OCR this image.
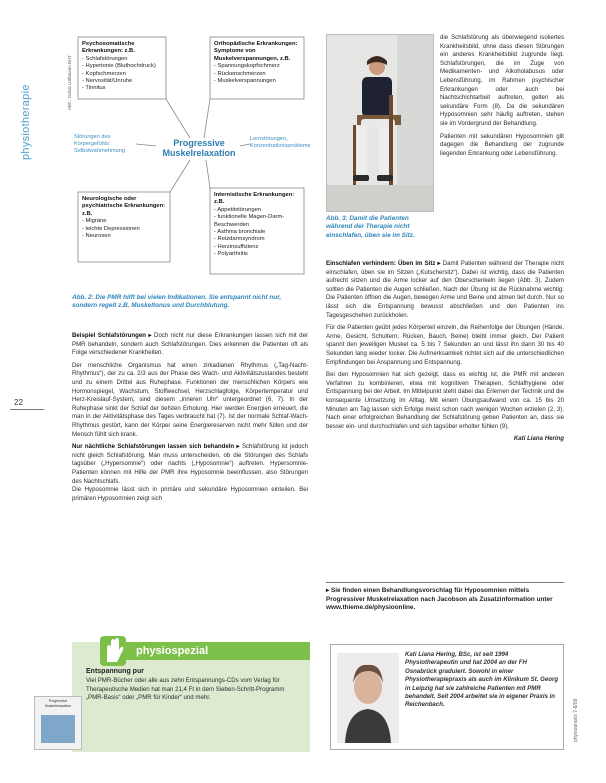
physiotherapie
22
Abb.: Dubai Lüthmann BHT
physiopraxis 7-8/09
Psychosomatische Erkrankungen: z.B.
- Schlafstörungen
- Hypertonie (Bluthochdruck)
- Kopfschmerzen
- Nervosität/Unruhe
- Tinnitus
Orthopädische Erkrankungen: Symptome von Muskelverspannungen, z.B.
- Spannungskopfschmerz
- Rückenschmerzen
- Muskelverspannungen
Störungen des Körpergefühls: Selbstwahrnehmung
Progressive Muskelrelaxation
Lernstörungen, Konzentrationsprobleme
Neurologische oder psychiatrische Erkrankungen: z.B.
- Migräne
- leichte Depressionen
- Neurosen
Internistische Erkrankungen: z.B.
- Appetitstörungen
- funktionelle Magen-Darm-Beschwerden
- Asthma bronchiale
- Reizdarmsyndrom
- Herzinsuffizienz
- Polyarthritis
Abb. 2: Die PMR hilft bei vielen Indikationen. Sie entspannt nicht nur, sondern regelt z.B. Muskeltonus und Durchblutung.
Abb. 3: Damit die Patienten während der Therapie nicht einschlafen, üben sie im Sitz.

die Schlafstörung als überwiegend isoliertes Krankheitsbild, ohne dass diesen Störungen ein anderes Krankheitsbild zugrunde liegt. Schlafstörungen, die im Zuge von Medikamenten- und Alkoholabusus oder Lebensführung, im Rahmen psychischer Erkrankungen oder auch bei Nachtschichtarbeit auftreten, gelten als sekundäre Form (8). Da die sekundären Hyposomnien sehr häufig auftreten, stehen sie im Vordergrund der Behandlung.

Patienten mit sekundären Hyposomnien gilt dagegen die Behandlung der zugrunde liegenden Erkrankung oder Lebensführung.

Beispiel Schlafstörungen ▸ Doch nicht nur diese Erkrankungen lassen sich mit der PMR behandeln, sondern auch Schlafstörungen. Dies erkennen die Patienten oft als Folge verschiedener Krankheiten.

Der menschliche Organismus hat einen zirkadianen Rhythmus („Tag-Nacht-Rhythmus“), der zu ca. 2/3 aus der Phase des Wach- und Aktivitätszustandes besteht und zu einem Drittel aus Ruhephase. Funktionen der menschlichen Körpers wie Hormonspiegel, Wachstum, Stoffwechsel, Herzschlagfolge, Körpertemperatur und Herz-Kreislauf-System, sind diesem „inneren Uhr“ untergeordnet (6, 7). In der Ruhephase sinkt der Schlaf der tiefsten Erholung. Hier werden Energien erneuert, die man in der Aktivitätsphase des Tages verbraucht hat (7). Ist der normale Schlaf-Wach-Rhythmus gestört, kann der Körper seine Energiereserven nicht mehr füllen und der Mensch fühlt sich krank.

Nur nächtliche Schlafstörungen lassen sich behandeln ▸ Schlafstörung ist jedoch nicht gleich Schlafstörung. Man muss unterscheiden, ob die Störungen des Schlafs tagsüber („Hypersomnie“) oder nachts („Hyposomnie“) auftreten. Hypersomnie-Patienten können mit Hilfe der PMR ihre Hyposomnie beeinflussen, also Störungen des Nachtschlafs.

Die Hyposomnie lässt sich in primäre und sekundäre Hyposomnien einteilen. Bei primären Hyposomnien zeigt sich

Einschlafen verhindern: Üben im Sitz ▸ Damit Patienten während der Therapie nicht einschlafen, üben sie im Sitzen („Kutschersitz“). Dabei ist wichtig, dass die Patienten aufrecht sitzen und die Arme locker auf den Oberschenkeln liegen (Abb. 3). Zudem sollten die Patienten die Augen schließen. Nach der Übung ist die Rücknahme wichtig: Die Patienten öffnen die Augen, bewegen Arme und Beine und atmen tief durch. Nur so lässt sich die Entspannung bewusst abschließen und den Patienten ins Tagesgeschehen zurückholen.

Für die Patienten geübt jedes Körperteil einzeln, die Reihenfolge der Übungen (Hände, Arme, Gesicht, Schultern, Rücken, Bauch, Beine) bleibt immer gleich. Der Patient spannt den jeweiligen Muskel ca. 5 bis 7 Sekunden an und lässt ihn dann 30 bis 40 Sekunden lang wieder locker. Die Aufmerksamkeit richtet sich auf die unterschiedlichen Empfindungen bei Anspannung und Entspannung.

Bei den Hyposomnien hat sich gezeigt, dass es wichtig ist, die PMR mit anderen Verfahren zu kombinieren, etwa mit kognitiven Therapien, Schlafhygiene oder Entspannung bei der Arbeit. Im Mittelpunkt steht dabei das Erlernen der Technik und die konsequente Umsetzung im Alltag. Mit einem Übungsaufwand von ca. 15 bis 20 Minuten am Tag lassen sich Erfolge meist schon nach wenigen Wochen erzielen (2, 3). Nach einer erfolgreichen Behandlung der Schlafstörung geben Patienten an, dass sie besser ein- und durchschlafen und sich tagsüber erholter fühlen (9).

Kati Liana Hering

▸ Sie finden einen Behandlungsvorschlag für Hyposomnien mittels Progressiver Muskelrelaxation nach Jacobson als Zusatzinformation unter www.thieme.de/physioonline.

physiospezial
Entspannung pur
Viel PMR-Bücher oder alle aus zehn Entspannungs-CDs vom Verlag für Therapeutische Medien hat man 21,4 Ft in dem Sieben-Schritt-Programm „PMR-Basis“ oder „PMR für Kinder“ und mehr.
Progressive Muskelrelaxation

Kati Liana Hering, BSc, ist seit 1994 Physiotherapeutin und hat 2004 an der FH Osnabrück graduiert. Sowohl in einer Physiotherapiepraxis als auch im Klinikum St. Georg in Leipzig hat sie zahlreiche Patienten mit PMR behandelt. Seit 2004 arbeitet sie in eigener Praxis in Reichenbach.
